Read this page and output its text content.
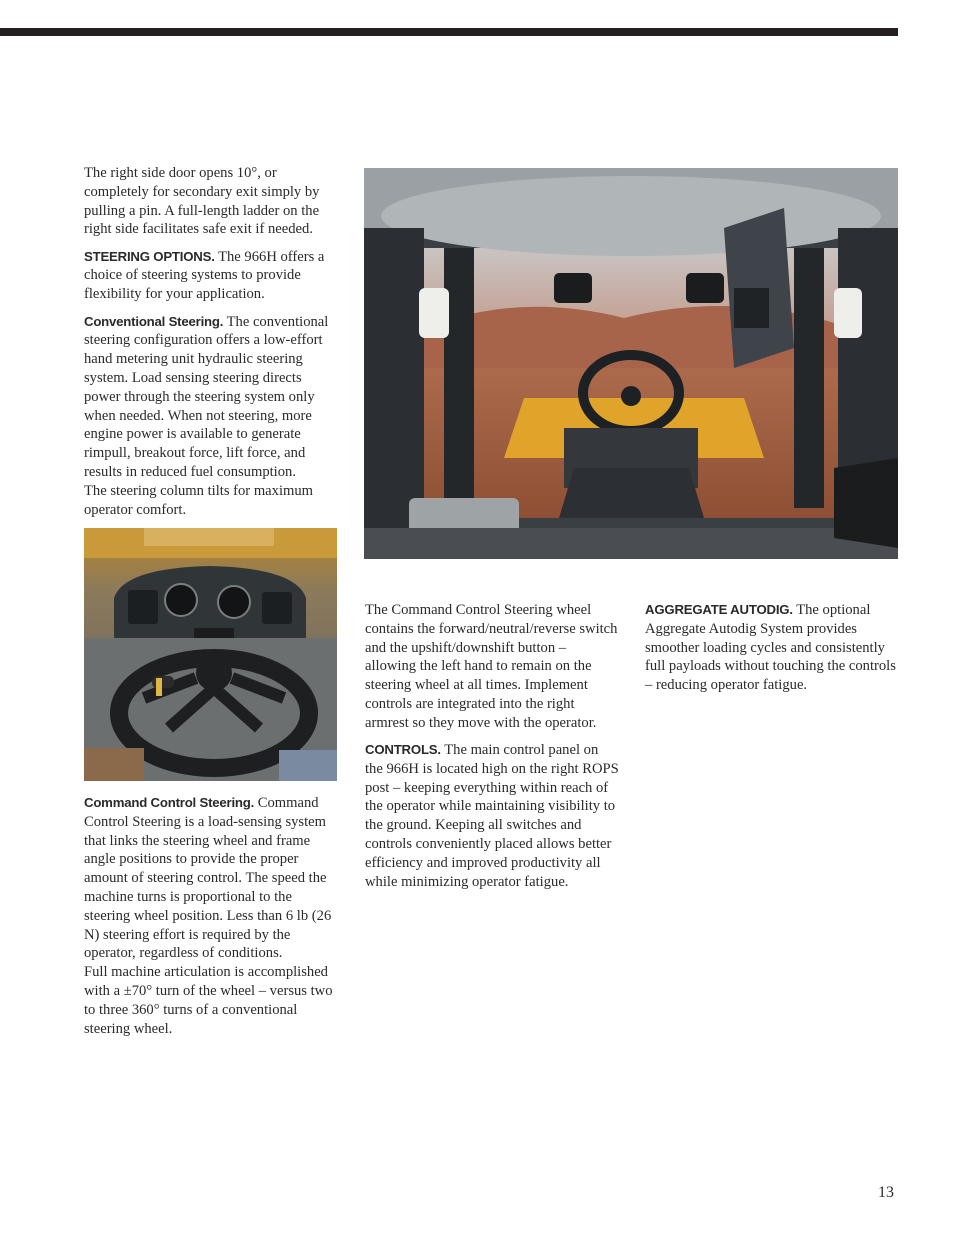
The right side door opens 10°, or completely for secondary exit simply by pulling a pin. A full-length ladder on the right side facilitates safe exit if needed.

STEERING OPTIONS. The 966H offers a choice of steering systems to provide flexibility for your application.

Conventional Steering. The conventional steering configuration offers a low-effort hand metering unit hydraulic steering system. Load sensing steering directs power through the steering system only when needed. When not steering, more engine power is available to generate rimpull, breakout force, lift force, and results in reduced fuel consumption.

The steering column tilts for maximum operator comfort.

Command Control Steering. Command Control Steering is a load-sensing system that links the steering wheel and frame angle positions to provide the proper amount of steering control. The speed the machine turns is proportional to the steering wheel position. Less than 6 lb (26 N) steering effort is required by the operator, regardless of conditions.

Full machine articulation is accomplished with a ±70° turn of the wheel – versus two to three 360° turns of a conventional steering wheel.

The Command Control Steering wheel contains the forward/neutral/reverse switch and the upshift/downshift button – allowing the left hand to remain on the steering wheel at all times. Implement controls are integrated into the right armrest so they move with the operator.

CONTROLS. The main control panel on the 966H is located high on the right ROPS post – keeping everything within reach of the operator while maintaining visibility to the ground. Keeping all switches and controls conveniently placed allows better efficiency and improved productivity all while minimizing operator fatigue.

AGGREGATE AUTODIG. The optional Aggregate Autodig System provides smoother loading cycles and consistently full payloads without touching the controls – reducing operator fatigue.

13
